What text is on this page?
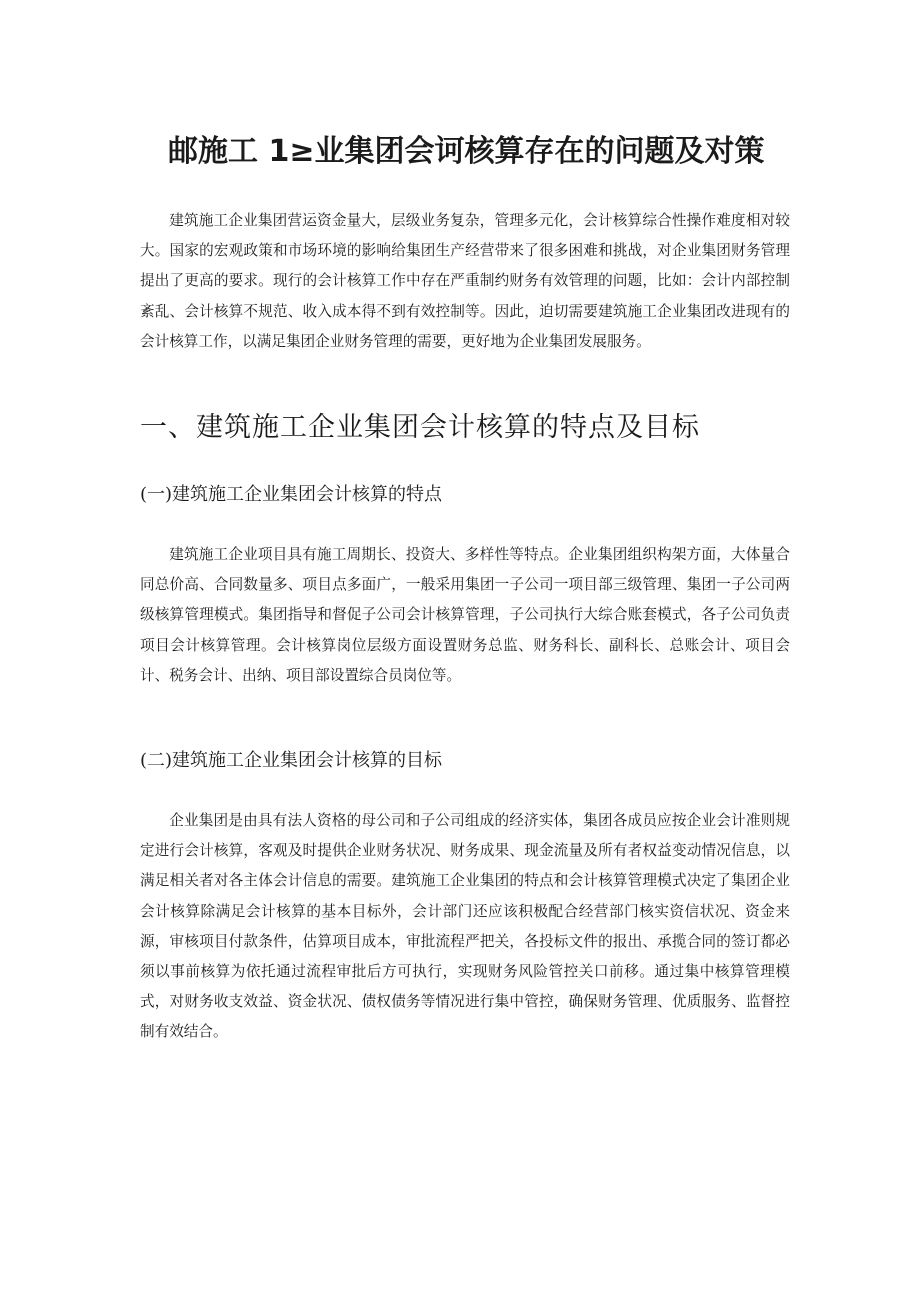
邮施工 1≥业集团会诃核算存在的问题及对策

建筑施工企业集团营运资金量大，层级业务复杂，管理多元化，会计核算综合性操作难度相对较大。国家的宏观政策和市场环境的影响给集团生产经营带来了很多困难和挑战，对企业集团财务管理提出了更高的要求。现行的会计核算工作中存在严重制约财务有效管理的问题，比如：会计内部控制紊乱、会计核算不规范、收入成本得不到有效控制等。因此，迫切需要建筑施工企业集团改进现有的会计核算工作，以满足集团企业财务管理的需要，更好地为企业集团发展服务。

一、建筑施工企业集团会计核算的特点及目标
(一)建筑施工企业集团会计核算的特点

建筑施工企业项目具有施工周期长、投资大、多样性等特点。企业集团组织构架方面，大体量合同总价高、合同数量多、项目点多面广，一般采用集团一子公司一项目部三级管理、集团一子公司两级核算管理模式。集团指导和督促子公司会计核算管理，子公司执行大综合账套模式，各子公司负责项目会计核算管理。会计核算岗位层级方面设置财务总监、财务科长、副科长、总账会计、项目会计、税务会计、出纳、项目部设置综合员岗位等。

(二)建筑施工企业集团会计核算的目标

企业集团是由具有法人资格的母公司和子公司组成的经济实体，集团各成员应按企业会计准则规定进行会计核算，客观及时提供企业财务状况、财务成果、现金流量及所有者权益变动情况信息，以满足相关者对各主体会计信息的需要。建筑施工企业集团的特点和会计核算管理模式决定了集团企业会计核算除满足会计核算的基本目标外，会计部门还应该积极配合经营部门核实资信状况、资金来源，审核项目付款条件，估算项目成本，审批流程严把关，各投标文件的报出、承揽合同的签订都必须以事前核算为依托通过流程审批后方可执行，实现财务风险管控关口前移。通过集中核算管理模式，对财务收支效益、资金状况、债权债务等情况进行集中管控，确保财务管理、优质服务、监督控制有效结合。
